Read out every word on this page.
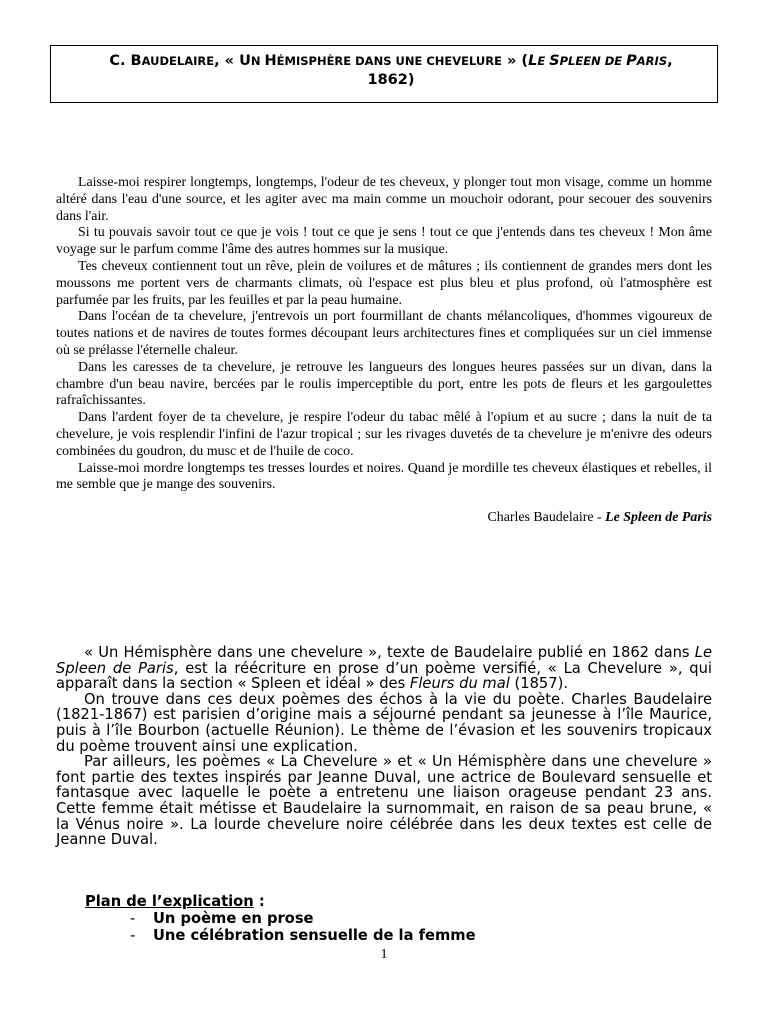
C. BAUDELAIRE, « UN HÉMISPHÈRE DANS UNE CHEVELURE » (LE SPLEEN DE PARIS,
1862)

Laisse-moi respirer longtemps, longtemps, l'odeur de tes cheveux, y plonger tout mon visage, comme un homme altéré dans l'eau d'une source, et les agiter avec ma main comme un mouchoir odorant, pour secouer des souvenirs dans l'air.

Si tu pouvais savoir tout ce que je vois ! tout ce que je sens ! tout ce que j'entends dans tes cheveux ! Mon âme voyage sur le parfum comme l'âme des autres hommes sur la musique.

Tes cheveux contiennent tout un rêve, plein de voilures et de mâtures ; ils contiennent de grandes mers dont les moussons me portent vers de charmants climats, où l'espace est plus bleu et plus profond, où l'atmosphère est parfumée par les fruits, par les feuilles et par la peau humaine.

Dans l'océan de ta chevelure, j'entrevois un port fourmillant de chants mélancoliques, d'hommes vigoureux de toutes nations et de navires de toutes formes découpant leurs architectures fines et compliquées sur un ciel immense où se prélasse l'éternelle chaleur.

Dans les caresses de ta chevelure, je retrouve les langueurs des longues heures passées sur un divan, dans la chambre d'un beau navire, bercées par le roulis imperceptible du port, entre les pots de fleurs et les gargoulettes rafraîchissantes.

Dans l'ardent foyer de ta chevelure, je respire l'odeur du tabac mêlé à l'opium et au sucre ; dans la nuit de ta chevelure, je vois resplendir l'infini de l'azur tropical ; sur les rivages duvetés de ta chevelure je m'enivre des odeurs combinées du goudron, du musc et de l'huile de coco.

Laisse-moi mordre longtemps tes tresses lourdes et noires. Quand je mordille tes cheveux élastiques et rebelles, il me semble que je mange des souvenirs.

Charles Baudelaire - Le Spleen de Paris

« Un Hémisphère dans une chevelure », texte de Baudelaire publié en 1862 dans Le Spleen de Paris, est la réécriture en prose d’un poème versifié, « La Chevelure », qui apparaît dans la section « Spleen et idéal » des Fleurs du mal (1857).

On trouve dans ces deux poèmes des échos à la vie du poète. Charles Baudelaire (1821-1867) est parisien d’origine mais a séjourné pendant sa jeunesse à l’île Maurice, puis à l’île Bourbon (actuelle Réunion). Le thème de l’évasion et les souvenirs tropicaux du poème trouvent ainsi une explication.

Par ailleurs, les poèmes « La Chevelure » et « Un Hémisphère dans une chevelure » font partie des textes inspirés par Jeanne Duval, une actrice de Boulevard sensuelle et fantasque avec laquelle le poète a entretenu une liaison orageuse pendant 23 ans. Cette femme était métisse et Baudelaire la surnommait, en raison de sa peau brune, « la Vénus noire ». La lourde chevelure noire célébrée dans les deux textes est celle de Jeanne Duval.

Plan de l’explication :
- Un poème en prose
- Une célébration sensuelle de la femme
1
